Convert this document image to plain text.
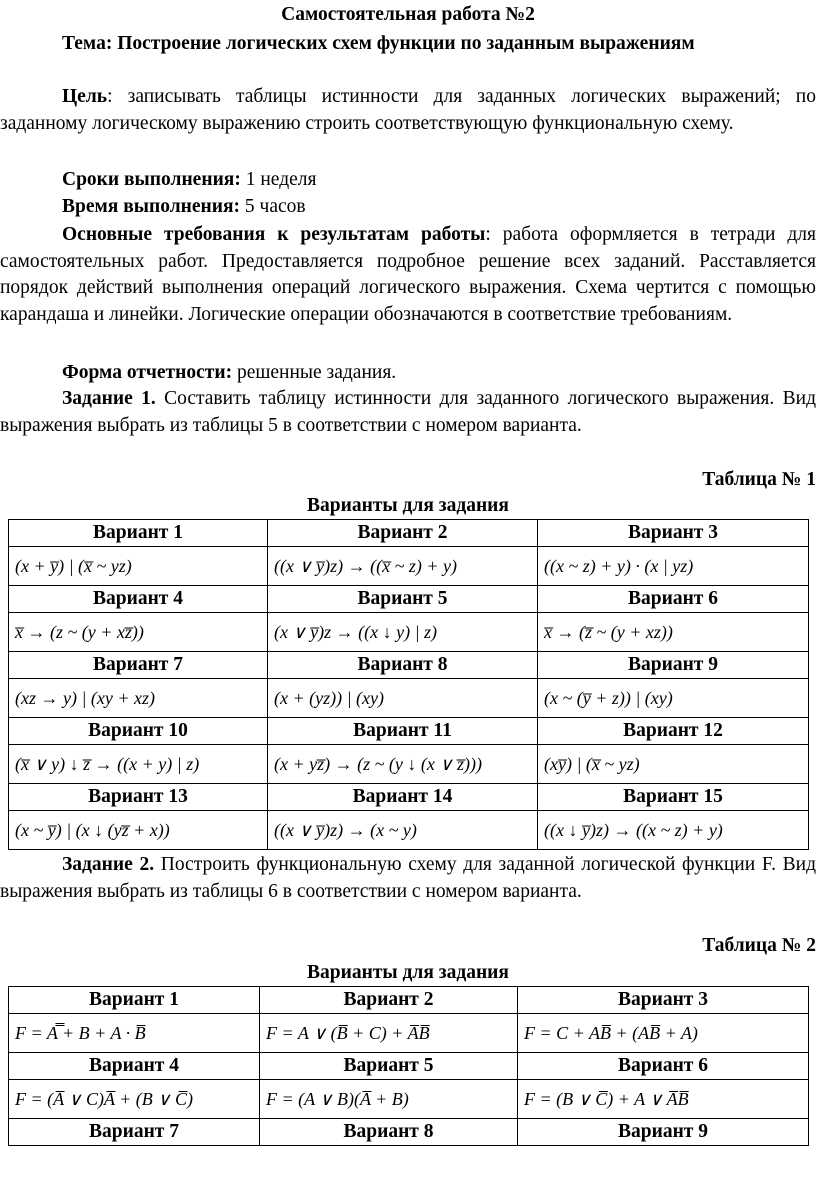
Самостоятельная работа №2

Тема: Построение логических схем функции по заданным выражениям

Цель: записывать таблицы истинности для заданных логических выражений; по заданному логическому выражению строить соответствующую функциональную схему.

Сроки выполнения: 1 неделя

Время выполнения: 5 часов

Основные требования к результатам работы: работа оформляется в тетради для самостоятельных работ. Предоставляется подробное решение всех заданий. Расставляется порядок действий выполнения операций логического выражения. Схема чертится с помощью карандаша и линейки. Логические операции обозначаются в соответствие требованиям.

Форма отчетности: решенные задания.

Задание 1. Составить таблицу истинности для заданного логического выражения. Вид выражения выбрать из таблицы 5 в соответствии с номером варианта.

Таблица № 1
Варианты для задания
Вариант 1	Вариант 2	Вариант 3
(x + y̅) | (x̅ ~ yz)	((x ∨ y̅)z) → ((x̅ ~ z) + y)	((x ~ z) + y) · (x | yz)
Вариант 4	Вариант 5	Вариант 6
x̅ → (z ~ (y + xz̅))	(x ∨ y̅)z → ((x ↓ y) | z)	x̅ → (z̅ ~ (y + xz))
Вариант 7	Вариант 8	Вариант 9
(xz → y) | (xy + xz)	(x + (yz)) | (xy)	(x ~ (y̅ + z)) | (xy)
Вариант 10	Вариант 11	Вариант 12
(x̅ ∨ y) ↓ z̅ → ((x + y) | z)	(x + yz̅) → (z ~ (y ↓ (x ∨ z̅)))	(xy̅) | (x̅ ~ yz)
Вариант 13	Вариант 14	Вариант 15
(x ~ y̅) | (x ↓ (yz̅ + x))	((x ∨ y̅)z) → (x ~ y)	((x ↓ y̅)z) → ((x ~ z) + y)

Задание 2. Построить функциональную схему для заданной логической функции F. Вид выражения выбрать из таблицы 6 в соответствии с номером варианта.

Таблица № 2
Варианты для задания
Вариант 1	Вариант 2	Вариант 3
F = A̿ + B + A · B̅	F = A ∨ (B̅ + C) + A̅B̅	F = C + AB̅ + (AB̅ + A)
Вариант 4	Вариант 5	Вариант 6
F = (A̅ ∨ C)A̅ + (B ∨ C̅)	F = (A ∨ B)(A̅ + B)	F = (B ∨ C̅) + A ∨ A̅B̅
Вариант 7	Вариант 8	Вариант 9
